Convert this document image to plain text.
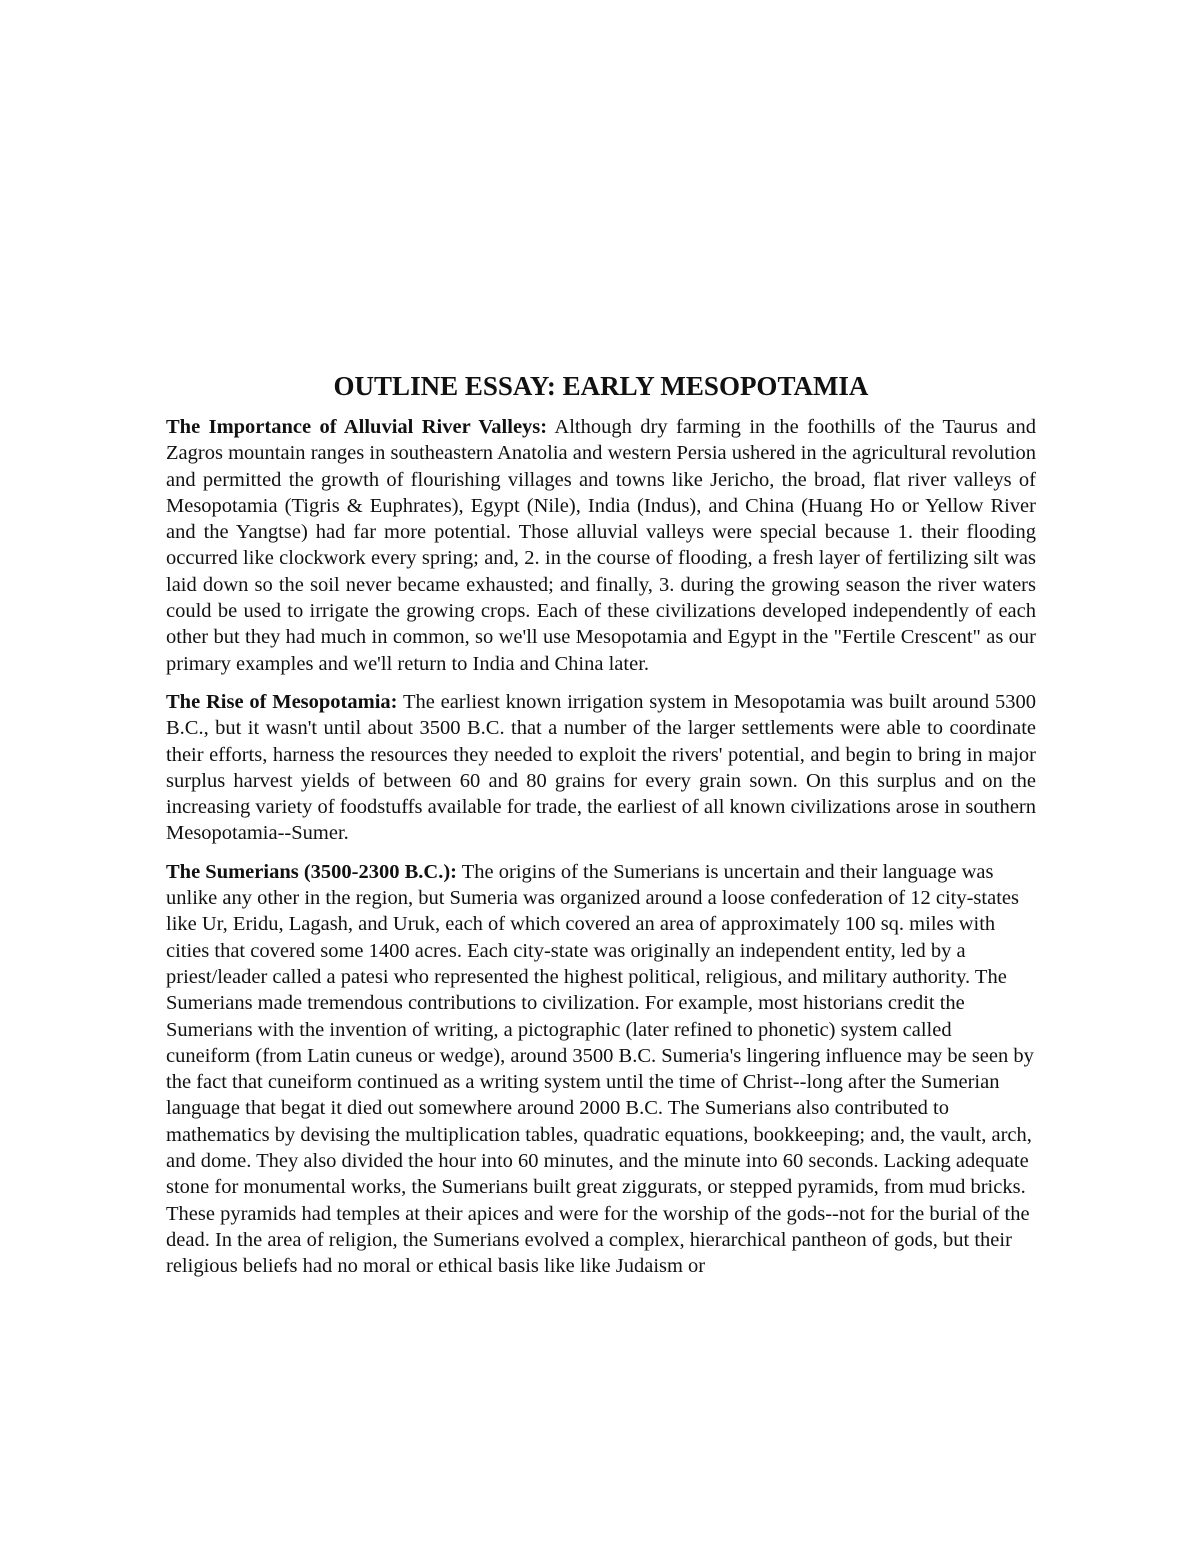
OUTLINE ESSAY: EARLY MESOPOTAMIA

The Importance of Alluvial River Valleys: Although dry farming in the foothills of the Taurus and Zagros mountain ranges in southeastern Anatolia and western Persia ushered in the agricultural revolution and permitted the growth of flourishing villages and towns like Jericho, the broad, flat river valleys of Mesopotamia (Tigris & Euphrates), Egypt (Nile), India (Indus), and China (Huang Ho or Yellow River and the Yangtse) had far more potential. Those alluvial valleys were special because 1. their flooding occurred like clockwork every spring; and, 2. in the course of flooding, a fresh layer of fertilizing silt was laid down so the soil never became exhausted; and finally, 3. during the growing season the river waters could be used to irrigate the growing crops. Each of these civilizations developed independently of each other but they had much in common, so we'll use Mesopotamia and Egypt in the "Fertile Crescent" as our primary examples and we'll return to India and China later.

The Rise of Mesopotamia: The earliest known irrigation system in Mesopotamia was built around 5300 B.C., but it wasn't until about 3500 B.C. that a number of the larger settlements were able to coordinate their efforts, harness the resources they needed to exploit the rivers' potential, and begin to bring in major surplus harvest yields of between 60 and 80 grains for every grain sown. On this surplus and on the increasing variety of foodstuffs available for trade, the earliest of all known civilizations arose in southern Mesopotamia--Sumer.

The Sumerians (3500-2300 B.C.): The origins of the Sumerians is uncertain and their language was unlike any other in the region, but Sumeria was organized around a loose confederation of 12 city-states like Ur, Eridu, Lagash, and Uruk, each of which covered an area of approximately 100 sq. miles with cities that covered some 1400 acres. Each city-state was originally an independent entity, led by a priest/leader called a patesi who represented the highest political, religious, and military authority. The Sumerians made tremendous contributions to civilization. For example, most historians credit the Sumerians with the invention of writing, a pictographic (later refined to phonetic) system called cuneiform (from Latin cuneus or wedge), around 3500 B.C. Sumeria's lingering influence may be seen by the fact that cuneiform continued as a writing system until the time of Christ--long after the Sumerian language that begat it died out somewhere around 2000 B.C. The Sumerians also contributed to mathematics by devising the multiplication tables, quadratic equations, bookkeeping; and, the vault, arch, and dome. They also divided the hour into 60 minutes, and the minute into 60 seconds. Lacking adequate stone for monumental works, the Sumerians built great ziggurats, or stepped pyramids, from mud bricks. These pyramids had temples at their apices and were for the worship of the gods--not for the burial of the dead. In the area of religion, the Sumerians evolved a complex, hierarchical pantheon of gods, but their religious beliefs had no moral or ethical basis like like Judaism or
